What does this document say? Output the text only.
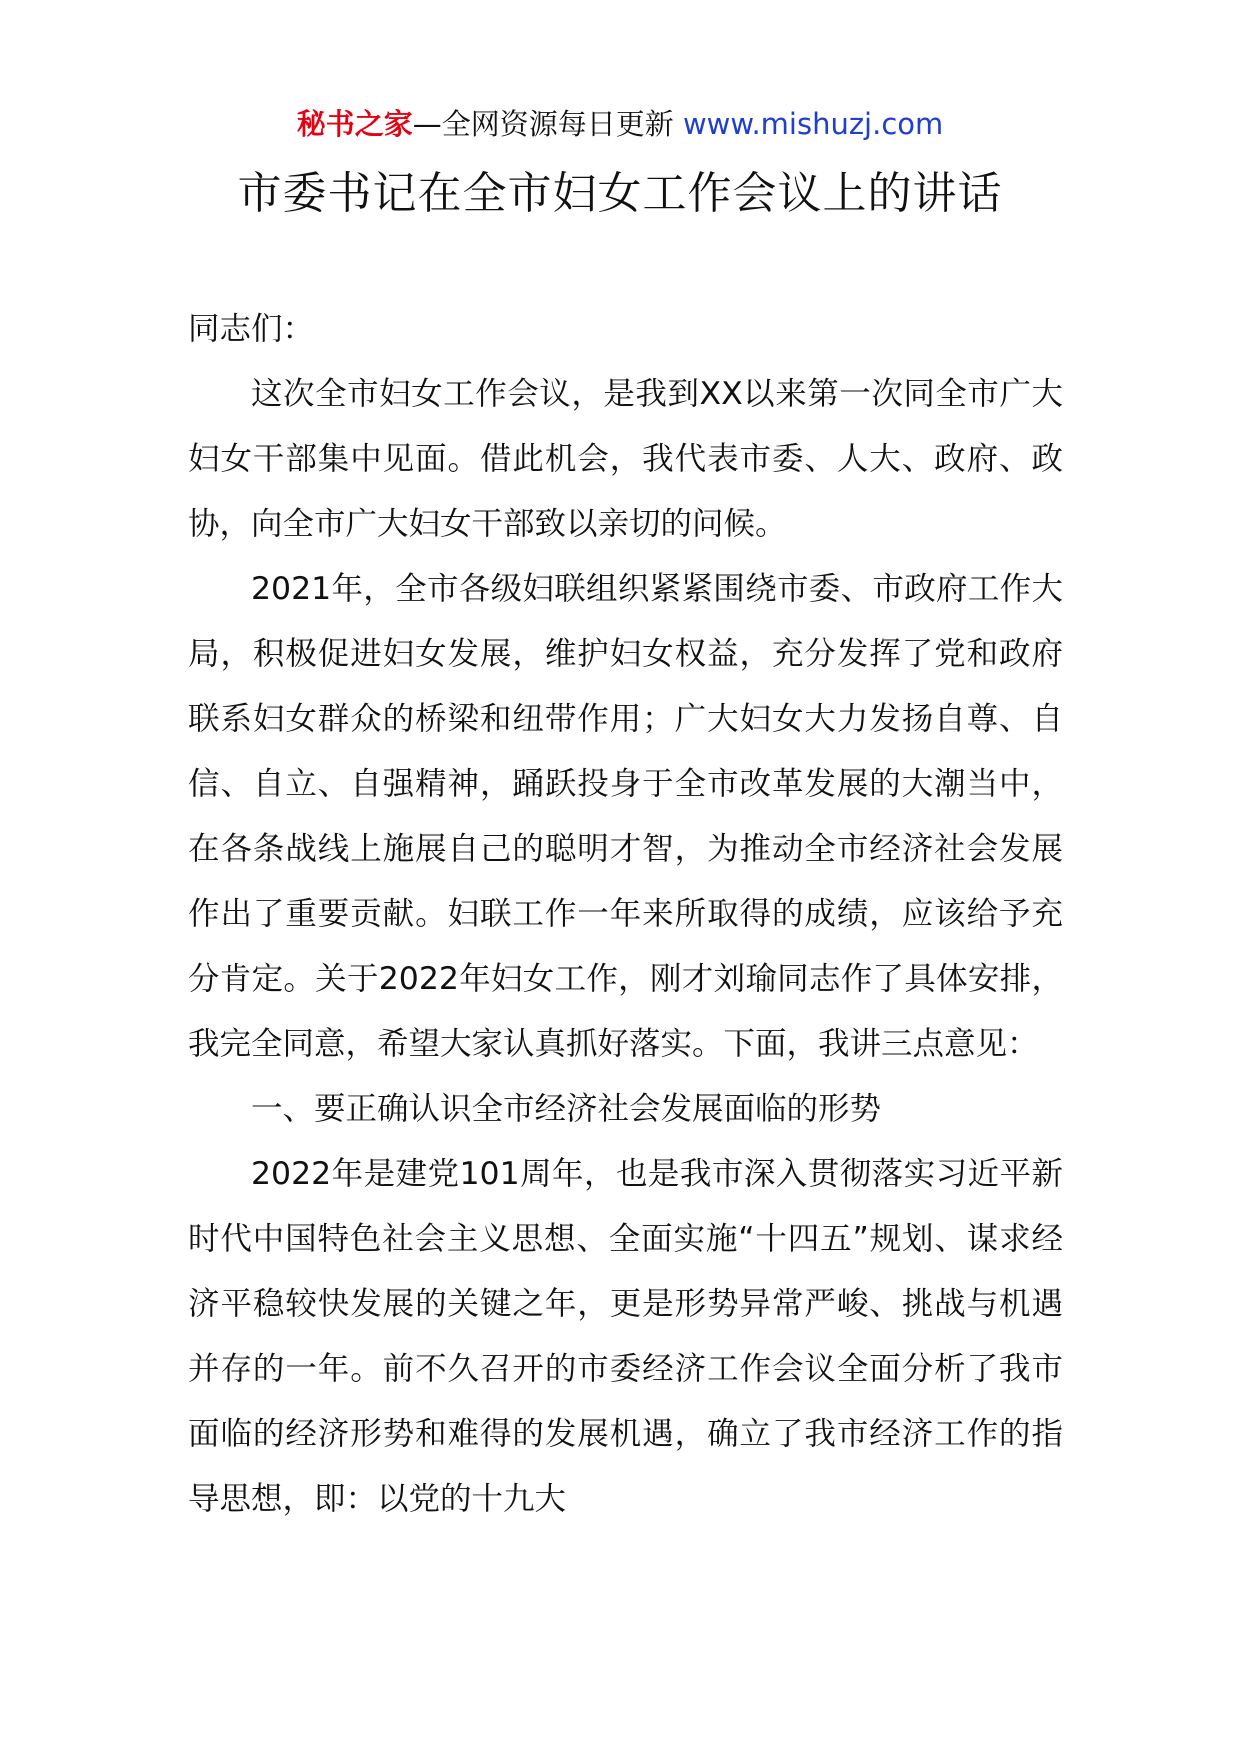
秘书之家—全网资源每日更新 www.mishuzj.com
市委书记在全市妇女工作会议上的讲话

同志们：

这次全市妇女工作会议，是我到XX以来第一次同全市广大妇女干部集中见面。借此机会，我代表市委、人大、政府、政协，向全市广大妇女干部致以亲切的问候。

2021年，全市各级妇联组织紧紧围绕市委、市政府工作大局，积极促进妇女发展，维护妇女权益，充分发挥了党和政府联系妇女群众的桥梁和纽带作用；广大妇女大力发扬自尊、自信、自立、自强精神，踊跃投身于全市改革发展的大潮当中，在各条战线上施展自己的聪明才智，为推动全市经济社会发展作出了重要贡献。妇联工作一年来所取得的成绩，应该给予充分肯定。关于2022年妇女工作，刚才刘瑜同志作了具体安排，我完全同意，希望大家认真抓好落实。下面，我讲三点意见：

一、要正确认识全市经济社会发展面临的形势

2022年是建党101周年，也是我市深入贯彻落实习近平新时代中国特色社会主义思想、全面实施“十四五”规划、谋求经济平稳较快发展的关键之年，更是形势异常严峻、挑战与机遇并存的一年。前不久召开的市委经济工作会议全面分析了我市面临的经济形势和难得的发展机遇，确立了我市经济工作的指导思想，即：以党的十九大
